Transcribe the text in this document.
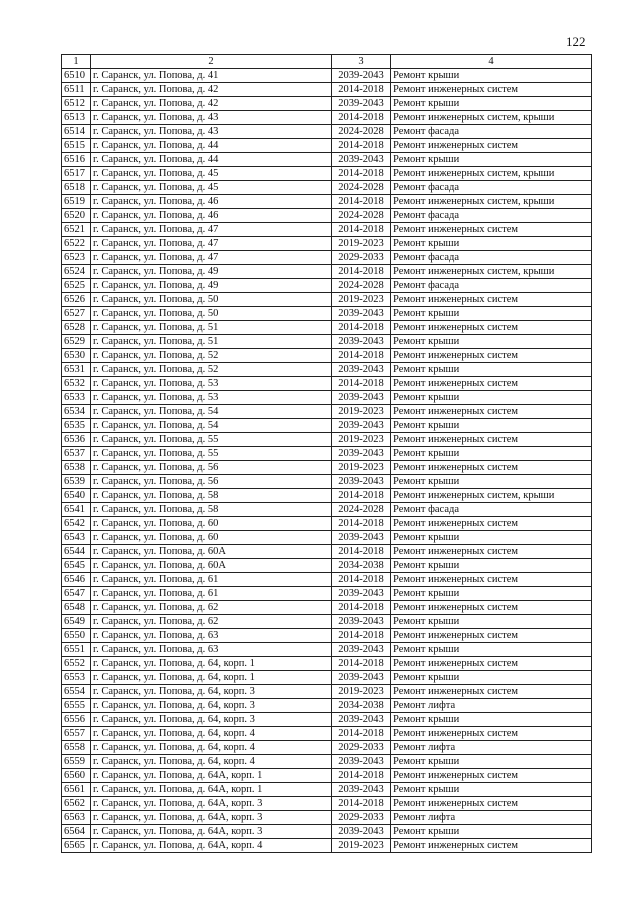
122
1	2	3	4
6510	г. Саранск, ул. Попова, д. 41	2039-2043	Ремонт крыши
6511	г. Саранск, ул. Попова, д. 42	2014-2018	Ремонт инженерных систем
6512	г. Саранск, ул. Попова, д. 42	2039-2043	Ремонт крыши
6513	г. Саранск, ул. Попова, д. 43	2014-2018	Ремонт инженерных систем, крыши
6514	г. Саранск, ул. Попова, д. 43	2024-2028	Ремонт фасада
6515	г. Саранск, ул. Попова, д. 44	2014-2018	Ремонт инженерных систем
6516	г. Саранск, ул. Попова, д. 44	2039-2043	Ремонт крыши
6517	г. Саранск, ул. Попова, д. 45	2014-2018	Ремонт инженерных систем, крыши
6518	г. Саранск, ул. Попова, д. 45	2024-2028	Ремонт фасада
6519	г. Саранск, ул. Попова, д. 46	2014-2018	Ремонт инженерных систем, крыши
6520	г. Саранск, ул. Попова, д. 46	2024-2028	Ремонт фасада
6521	г. Саранск, ул. Попова, д. 47	2014-2018	Ремонт инженерных систем
6522	г. Саранск, ул. Попова, д. 47	2019-2023	Ремонт крыши
6523	г. Саранск, ул. Попова, д. 47	2029-2033	Ремонт фасада
6524	г. Саранск, ул. Попова, д. 49	2014-2018	Ремонт инженерных систем, крыши
6525	г. Саранск, ул. Попова, д. 49	2024-2028	Ремонт фасада
6526	г. Саранск, ул. Попова, д. 50	2019-2023	Ремонт инженерных систем
6527	г. Саранск, ул. Попова, д. 50	2039-2043	Ремонт крыши
6528	г. Саранск, ул. Попова, д. 51	2014-2018	Ремонт инженерных систем
6529	г. Саранск, ул. Попова, д. 51	2039-2043	Ремонт крыши
6530	г. Саранск, ул. Попова, д. 52	2014-2018	Ремонт инженерных систем
6531	г. Саранск, ул. Попова, д. 52	2039-2043	Ремонт крыши
6532	г. Саранск, ул. Попова, д. 53	2014-2018	Ремонт инженерных систем
6533	г. Саранск, ул. Попова, д. 53	2039-2043	Ремонт крыши
6534	г. Саранск, ул. Попова, д. 54	2019-2023	Ремонт инженерных систем
6535	г. Саранск, ул. Попова, д. 54	2039-2043	Ремонт крыши
6536	г. Саранск, ул. Попова, д. 55	2019-2023	Ремонт инженерных систем
6537	г. Саранск, ул. Попова, д. 55	2039-2043	Ремонт крыши
6538	г. Саранск, ул. Попова, д. 56	2019-2023	Ремонт инженерных систем
6539	г. Саранск, ул. Попова, д. 56	2039-2043	Ремонт крыши
6540	г. Саранск, ул. Попова, д. 58	2014-2018	Ремонт инженерных систем, крыши
6541	г. Саранск, ул. Попова, д. 58	2024-2028	Ремонт фасада
6542	г. Саранск, ул. Попова, д. 60	2014-2018	Ремонт инженерных систем
6543	г. Саранск, ул. Попова, д. 60	2039-2043	Ремонт крыши
6544	г. Саранск, ул. Попова, д. 60А	2014-2018	Ремонт инженерных систем
6545	г. Саранск, ул. Попова, д. 60А	2034-2038	Ремонт крыши
6546	г. Саранск, ул. Попова, д. 61	2014-2018	Ремонт инженерных систем
6547	г. Саранск, ул. Попова, д. 61	2039-2043	Ремонт крыши
6548	г. Саранск, ул. Попова, д. 62	2014-2018	Ремонт инженерных систем
6549	г. Саранск, ул. Попова, д. 62	2039-2043	Ремонт крыши
6550	г. Саранск, ул. Попова, д. 63	2014-2018	Ремонт инженерных систем
6551	г. Саранск, ул. Попова, д. 63	2039-2043	Ремонт крыши
6552	г. Саранск, ул. Попова, д. 64, корп. 1	2014-2018	Ремонт инженерных систем
6553	г. Саранск, ул. Попова, д. 64, корп. 1	2039-2043	Ремонт крыши
6554	г. Саранск, ул. Попова, д. 64, корп. 3	2019-2023	Ремонт инженерных систем
6555	г. Саранск, ул. Попова, д. 64, корп. 3	2034-2038	Ремонт лифта
6556	г. Саранск, ул. Попова, д. 64, корп. 3	2039-2043	Ремонт крыши
6557	г. Саранск, ул. Попова, д. 64, корп. 4	2014-2018	Ремонт инженерных систем
6558	г. Саранск, ул. Попова, д. 64, корп. 4	2029-2033	Ремонт лифта
6559	г. Саранск, ул. Попова, д. 64, корп. 4	2039-2043	Ремонт крыши
6560	г. Саранск, ул. Попова, д. 64А, корп. 1	2014-2018	Ремонт инженерных систем
6561	г. Саранск, ул. Попова, д. 64А, корп. 1	2039-2043	Ремонт крыши
6562	г. Саранск, ул. Попова, д. 64А, корп. 3	2014-2018	Ремонт инженерных систем
6563	г. Саранск, ул. Попова, д. 64А, корп. 3	2029-2033	Ремонт лифта
6564	г. Саранск, ул. Попова, д. 64А, корп. 3	2039-2043	Ремонт крыши
6565	г. Саранск, ул. Попова, д. 64А, корп. 4	2019-2023	Ремонт инженерных систем
